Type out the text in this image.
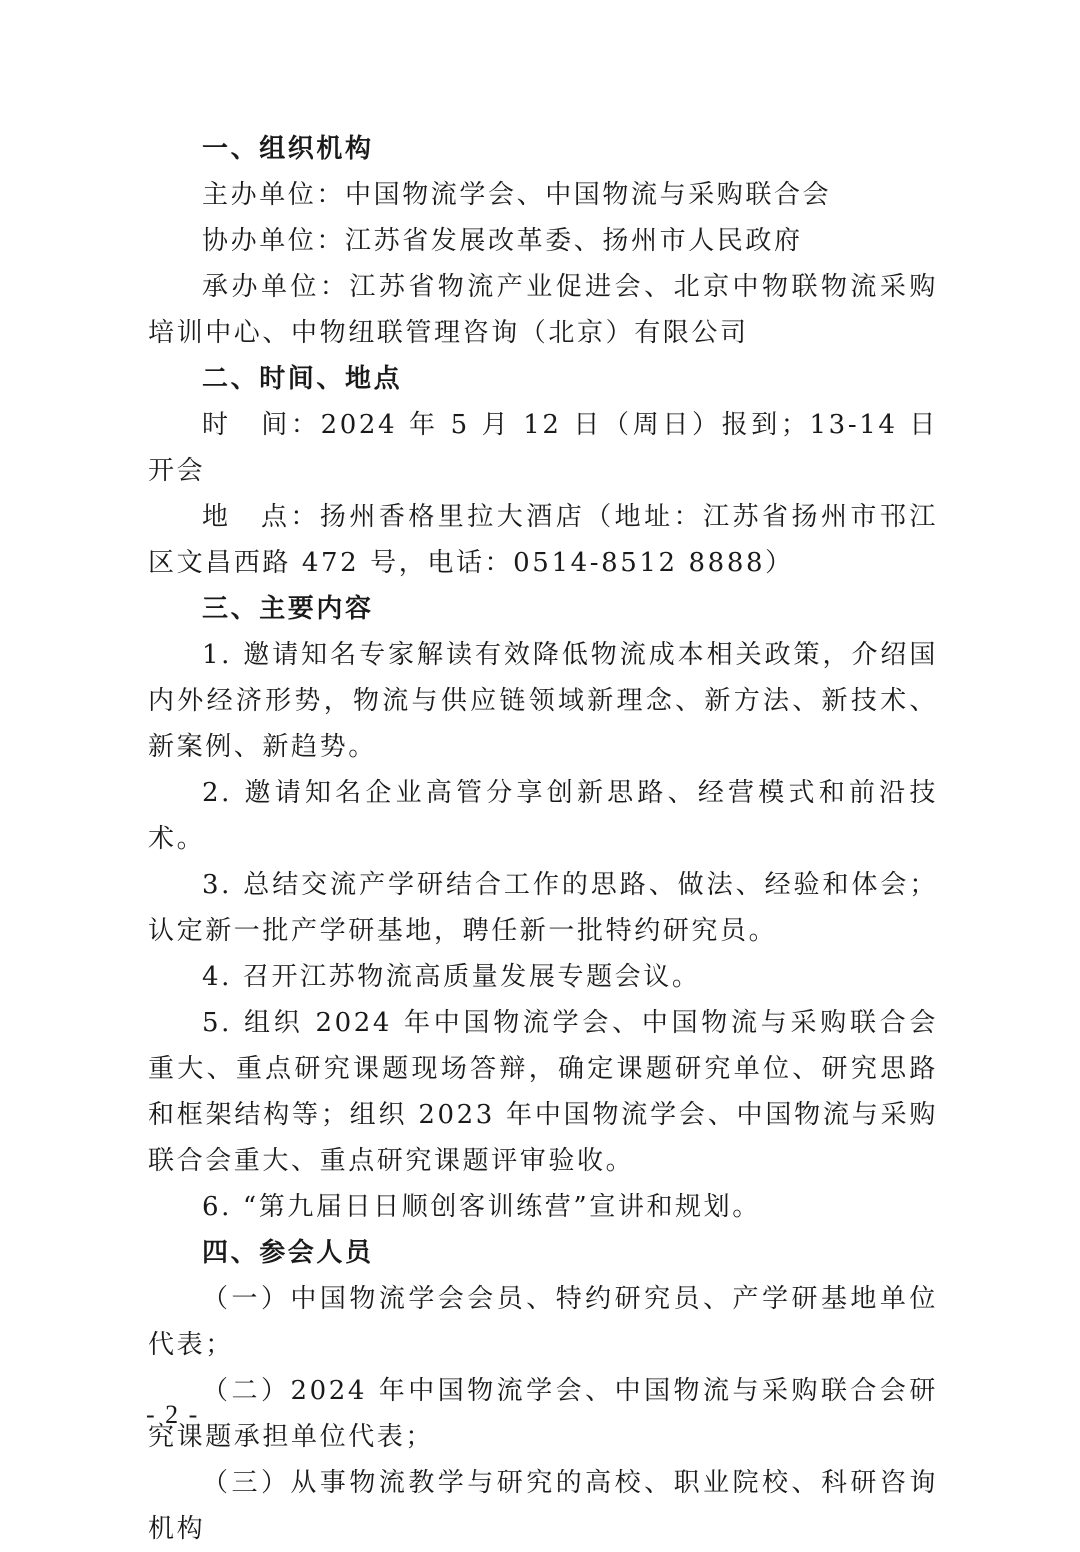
一、组织机构

主办单位：中国物流学会、中国物流与采购联合会

协办单位：江苏省发展改革委、扬州市人民政府

承办单位：江苏省物流产业促进会、北京中物联物流采购培训中心、中物纽联管理咨询（北京）有限公司

二、时间、地点

时　间：2024 年 5 月 12 日（周日）报到；13-14 日开会

地　点：扬州香格里拉大酒店（地址：江苏省扬州市邗江区文昌西路 472 号，电话：0514-8512 8888）

三、主要内容

1. 邀请知名专家解读有效降低物流成本相关政策，介绍国内外经济形势，物流与供应链领域新理念、新方法、新技术、新案例、新趋势。

2. 邀请知名企业高管分享创新思路、经营模式和前沿技术。

3. 总结交流产学研结合工作的思路、做法、经验和体会；认定新一批产学研基地，聘任新一批特约研究员。

4. 召开江苏物流高质量发展专题会议。

5. 组织 2024 年中国物流学会、中国物流与采购联合会重大、重点研究课题现场答辩，确定课题研究单位、研究思路和框架结构等；组织 2023 年中国物流学会、中国物流与采购联合会重大、重点研究课题评审验收。

6. “第九届日日顺创客训练营”宣讲和规划。

四、参会人员

（一）中国物流学会会员、特约研究员、产学研基地单位代表；

（二）2024 年中国物流学会、中国物流与采购联合会研究课题承担单位代表；

（三）从事物流教学与研究的高校、职业院校、科研咨询机构

- 2 -
